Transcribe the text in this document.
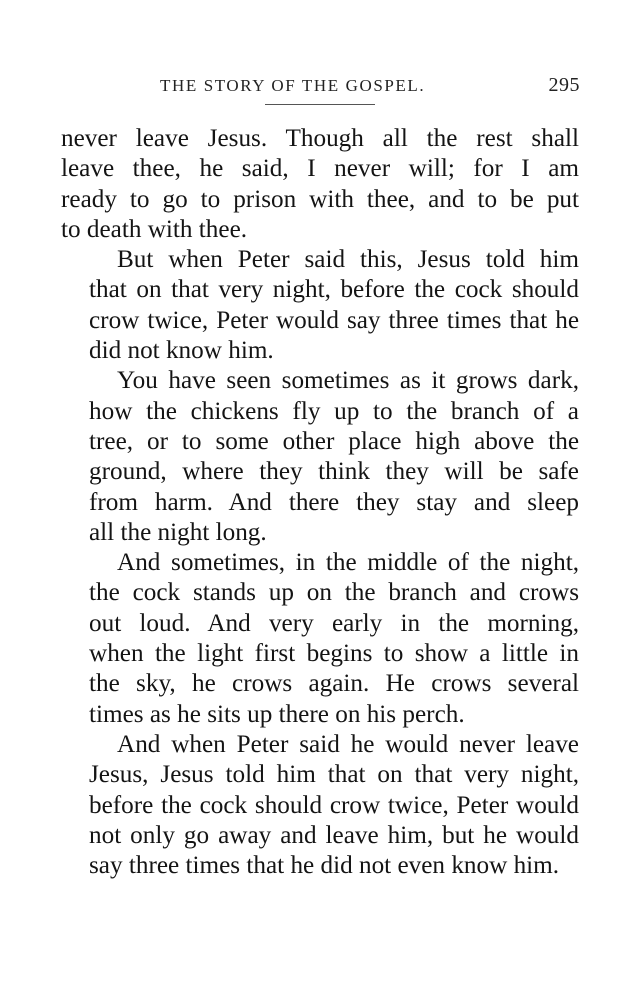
THE STORY OF THE GOSPEL.	295

never leave Jesus. Though all the rest shall
leave thee, he said, I never will; for I am
ready to go to prison with thee, and to be put
to death with thee.

But when Peter said this, Jesus told him
that on that very night, before the cock should
crow twice, Peter would say three times that he
did not know him.

You have seen sometimes as it grows dark,
how the chickens fly up to the branch of a
tree, or to some other place high above the
ground, where they think they will be safe
from harm. And there they stay and sleep
all the night long.

And sometimes, in the middle of the night,
the cock stands up on the branch and crows
out loud. And very early in the morning,
when the light first begins to show a little in
the sky, he crows again. He crows several
times as he sits up there on his perch.

And when Peter said he would never leave
Jesus, Jesus told him that on that very night,
before the cock should crow twice, Peter would
not only go away and leave him, but he would
say three times that he did not even know him.
